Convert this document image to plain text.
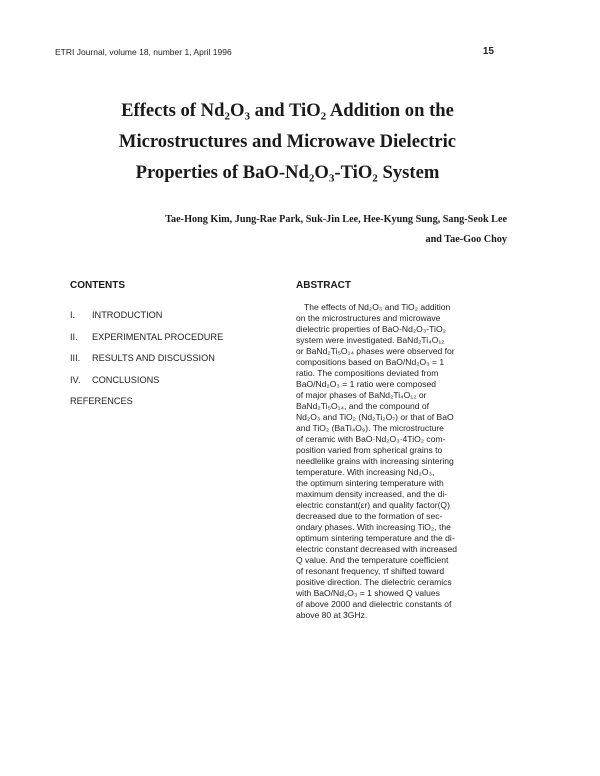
ETRI Journal, volume 18, number 1, April 1996	15
Effects of Nd₂O₃ and TiO₂ Addition on the
Microstructures and Microwave Dielectric
Properties of BaO-Nd₂O₃-TiO₂ System
Tae-Hong Kim, Jung-Rae Park, Suk-Jin Lee, Hee-Kyung Sung, Sang-Seok Lee
and Tae-Goo Choy
CONTENTS
I. INTRODUCTION
II. EXPERIMENTAL PROCEDURE
III. RESULTS AND DISCUSSION
IV. CONCLUSIONS
REFERENCES
ABSTRACT
The effects of Nd₂O₃ and TiO₂ addition
on the microstructures and microwave
dielectric properties of BaO-Nd₂O₃-TiO₂
system were investigated. BaNd₂Ti₄O₁₂
or BaNd₂Ti₅O₁₄ phases were observed for
compositions based on BaO/Nd₂O₃ = 1
ratio. The compositions deviated from
BaO/Nd₂O₃ = 1 ratio were composed
of major phases of BaNd₂Ti₄O₁₂ or
BaNd₂Ti₅O₁₄, and the compound of
Nd₂O₃ and TiO₂ (Nd₂Ti₂O₇) or that of BaO
and TiO₂ (BaTi₄O₉). The microstructure
of ceramic with BaO·Nd₂O₃·4TiO₂ com-
position varied from spherical grains to
needlelike grains with increasing sintering
temperature. With increasing Nd₂O₃,
the optimum sintering temperature with
maximum density increased, and the di-
electric constant(εr) and quality factor(Q)
decreased due to the formation of sec-
ondary phases. With increasing TiO₂, the
optimum sintering temperature and the di-
electric constant decreased with increased
Q value. And the temperature coefficient
of resonant frequency, τf shifted toward
positive direction. The dielectric ceramics
with BaO/Nd₂O₃ = 1 showed Q values
of above 2000 and dielectric constants of
above 80 at 3GHz.
